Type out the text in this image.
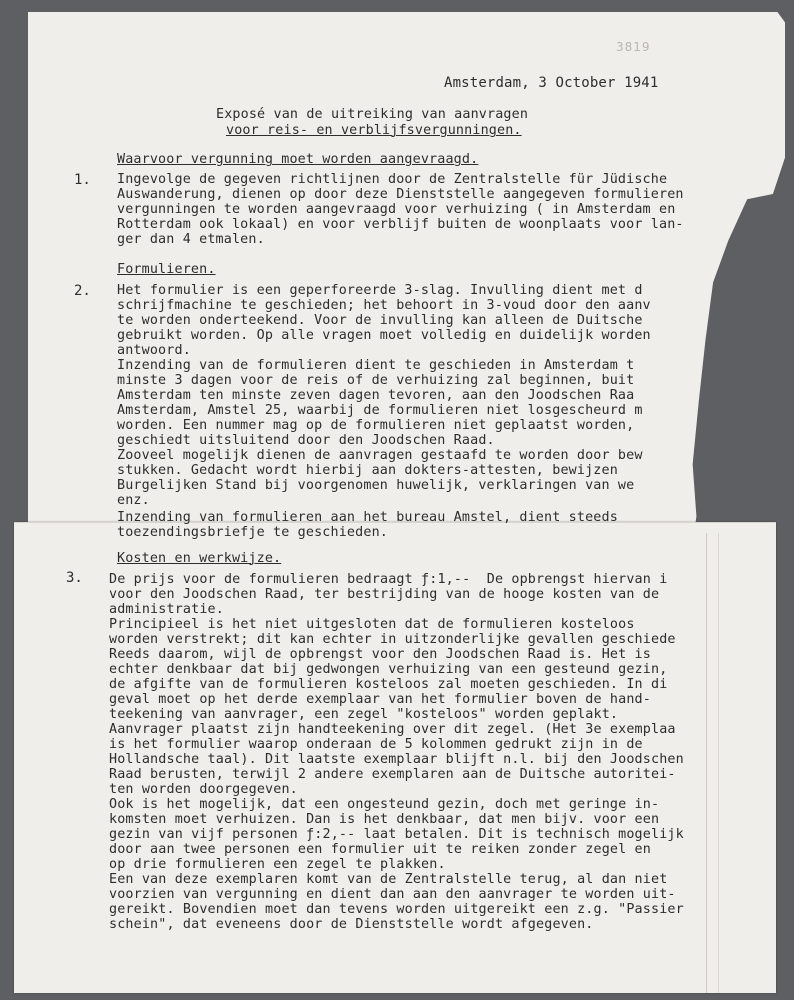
3819
Amsterdam, 3 October 1941
Exposé van de uitreiking van aanvragen
voor reis- en verblijfsvergunningen.
Waarvoor vergunning moet worden aangevraagd.
1. Ingevolge de gegeven richtlijnen door de Zentralstelle für Jüdische
Auswanderung, dienen op door deze Dienststelle aangegeven formulieren
vergunningen te worden aangevraagd voor verhuizing ( in Amsterdam en
Rotterdam ook lokaal) en voor verblijf buiten de woonplaats voor lan-
ger dan 4 etmalen.
Formulieren.
2. Het formulier is een geperforeerde 3-slag. Invulling dient met d
schrijfmachine te geschieden; het behoort in 3-voud door den aanv
te worden onderteekend. Voor de invulling kan alleen de Duitsche
gebruikt worden. Op alle vragen moet volledig en duidelijk worden
antwoord.
Inzending van de formulieren dient te geschieden in Amsterdam t
minste 3 dagen voor de reis of de verhuizing zal beginnen, buit
Amsterdam ten minste zeven dagen tevoren, aan den Joodschen Raa
Amsterdam, Amstel 25, waarbij de formulieren niet losgescheurd m
worden. Een nummer mag op de formulieren niet geplaatst worden,
geschiedt uitsluitend door den Joodschen Raad.
Zooveel mogelijk dienen de aanvragen gestaafd te worden door bew
stukken. Gedacht wordt hierbij aan dokters-attesten, bewijzen
Burgelijken Stand bij voorgenomen huwelijk, verklaringen van we
enz.
Inzending van formulieren aan het bureau Amstel, dient steeds
toezendingsbriefje te geschieden.
Kosten en werkwijze.
3. De prijs voor de formulieren bedraagt ƒ:1,--  De opbrengst hiervan i
voor den Joodschen Raad, ter bestrijding van de hooge kosten van de
administratie.
Principieel is het niet uitgesloten dat de formulieren kosteloos
worden verstrekt; dit kan echter in uitzonderlijke gevallen geschiede
Reeds daarom, wijl de opbrengst voor den Joodschen Raad is. Het is
echter denkbaar dat bij gedwongen verhuizing van een gesteund gezin,
de afgifte van de formulieren kosteloos zal moeten geschieden. In di
geval moet op het derde exemplaar van het formulier boven de hand-
teekening van aanvrager, een zegel "kosteloos" worden geplakt.
Aanvrager plaatst zijn handteekening over dit zegel. (Het 3e exemplaa
is het formulier waarop onderaan de 5 kolommen gedrukt zijn in de
Hollandsche taal). Dit laatste exemplaar blijft n.l. bij den Joodschen
Raad berusten, terwijl 2 andere exemplaren aan de Duitsche autoritei-
ten worden doorgegeven.
Ook is het mogelijk, dat een ongesteund gezin, doch met geringe in-
komsten moet verhuizen. Dan is het denkbaar, dat men bijv. voor een
gezin van vijf personen ƒ:2,-- laat betalen. Dit is technisch mogelijk
door aan twee personen een formulier uit te reiken zonder zegel en
op drie formulieren een zegel te plakken.
Een van deze exemplaren komt van de Zentralstelle terug, al dan niet
voorzien van vergunning en dient dan aan den aanvrager te worden uit-
gereikt. Bovendien moet dan tevens worden uitgereikt een z.g. "Passier
schein", dat eveneens door de Dienststelle wordt afgegeven.
